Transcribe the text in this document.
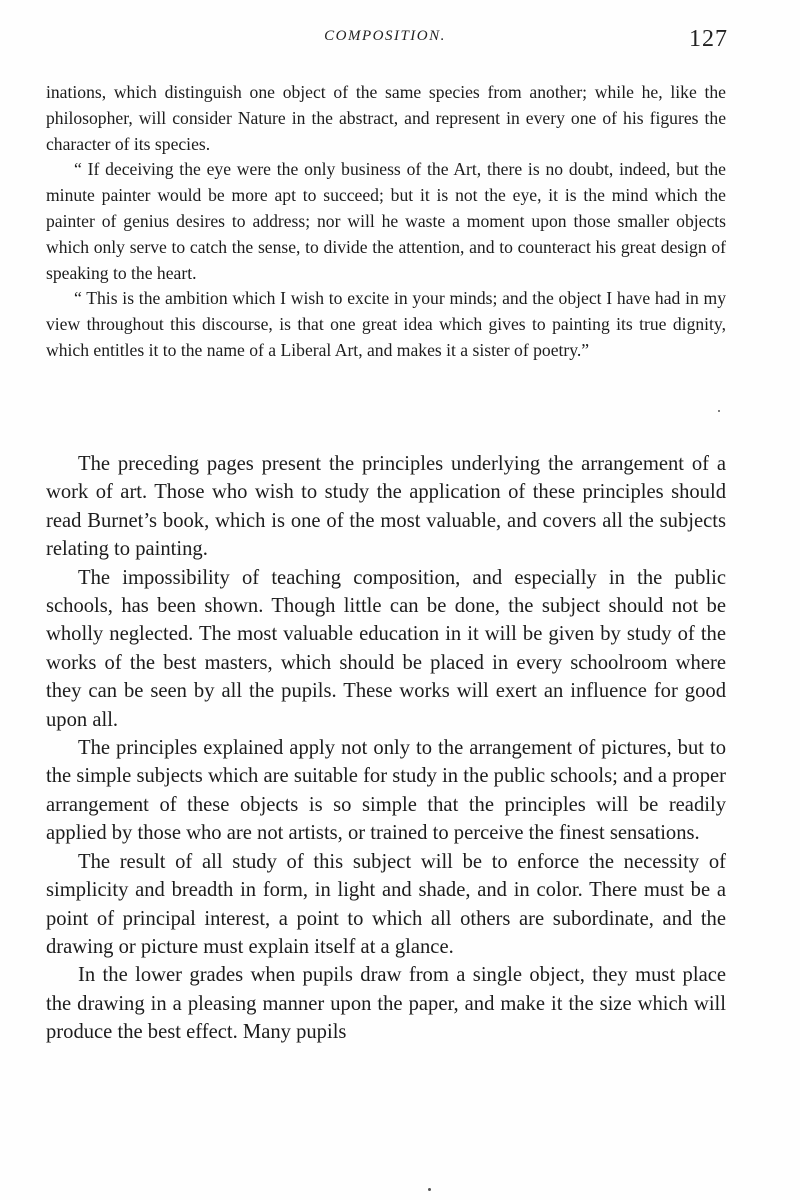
COMPOSITION.	127

inations, which distinguish one object of the same species from another; while he, like the philosopher, will consider Nature in the abstract, and represent in every one of his figures the character of its species.

“ If deceiving the eye were the only business of the Art, there is no doubt, indeed, but the minute painter would be more apt to succeed; but it is not the eye, it is the mind which the painter of genius desires to address; nor will he waste a moment upon those smaller objects which only serve to catch the sense, to divide the attention, and to counteract his great design of speaking to the heart.

“ This is the ambition which I wish to excite in your minds; and the object I have had in my view throughout this discourse, is that one great idea which gives to painting its true dignity, which entitles it to the name of a Liberal Art, and makes it a sister of poetry.”

The preceding pages present the principles underlying the arrangement of a work of art. Those who wish to study the application of these principles should read Burnet’s book, which is one of the most valuable, and covers all the subjects relating to painting.

The impossibility of teaching composition, and especially in the public schools, has been shown. Though little can be done, the subject should not be wholly neglected. The most valuable education in it will be given by study of the works of the best masters, which should be placed in every schoolroom where they can be seen by all the pupils. These works will exert an influence for good upon all.

The principles explained apply not only to the arrangement of pictures, but to the simple subjects which are suitable for study in the public schools; and a proper arrangement of these objects is so simple that the principles will be readily applied by those who are not artists, or trained to perceive the finest sensations.

The result of all study of this subject will be to enforce the necessity of simplicity and breadth in form, in light and shade, and in color. There must be a point of principal interest, a point to which all others are subordinate, and the drawing or picture must explain itself at a glance.

In the lower grades when pupils draw from a single object, they must place the drawing in a pleasing manner upon the paper, and make it the size which will produce the best effect. Many pupils
